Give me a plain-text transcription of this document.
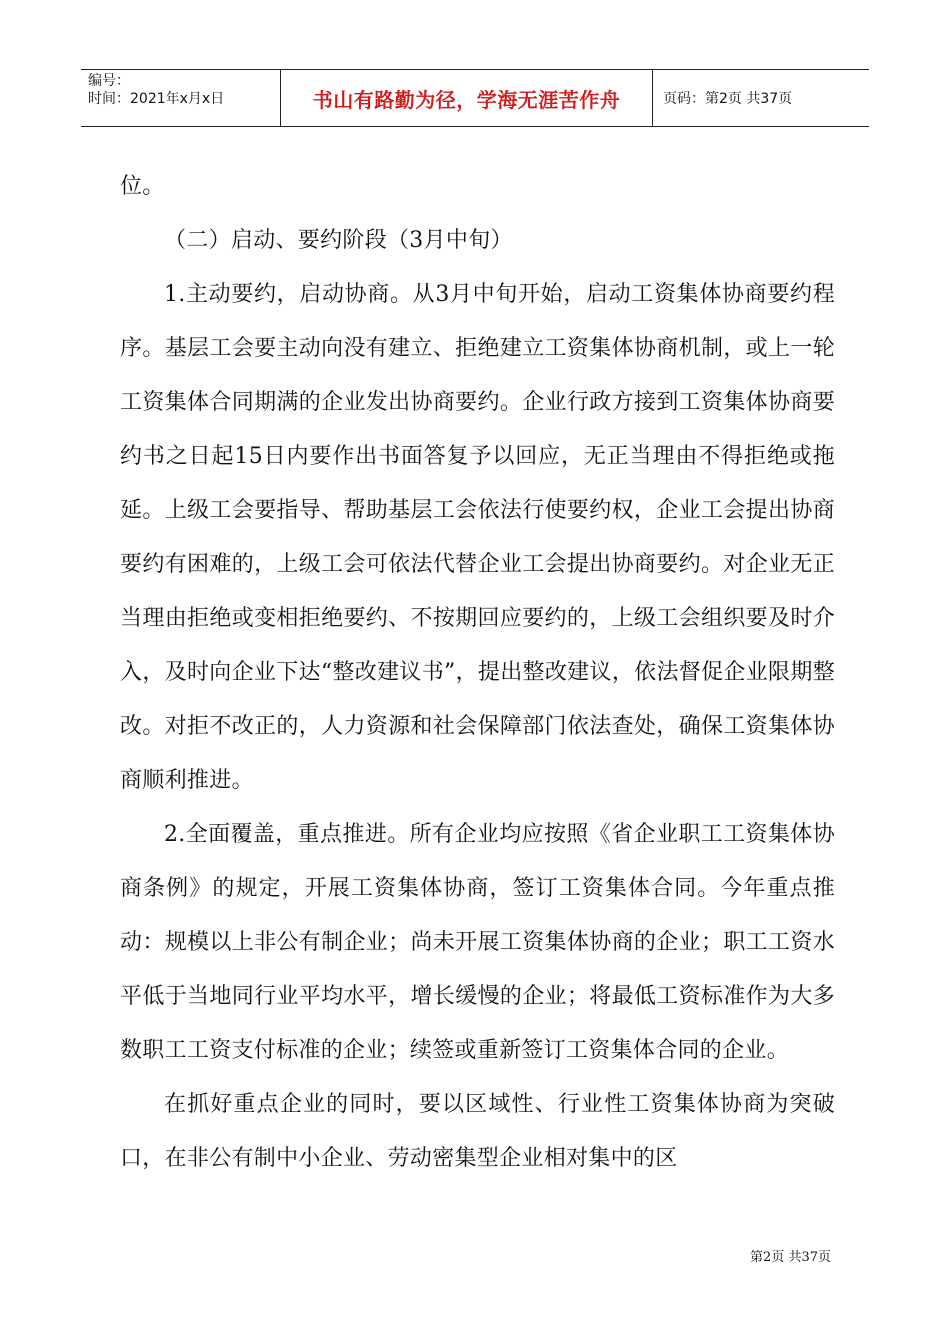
编号：
时间：2021年x月x日	书山有路勤为径，学海无涯苦作舟	页码：第2页 共37页

位。

（二）启动、要约阶段（3月中旬）

1.主动要约，启动协商。从3月中旬开始，启动工资集体协商要约程序。基层工会要主动向没有建立、拒绝建立工资集体协商机制，或上一轮工资集体合同期满的企业发出协商要约。企业行政方接到工资集体协商要约书之日起15日内要作出书面答复予以回应，无正当理由不得拒绝或拖延。上级工会要指导、帮助基层工会依法行使要约权，企业工会提出协商要约有困难的，上级工会可依法代替企业工会提出协商要约。对企业无正当理由拒绝或变相拒绝要约、不按期回应要约的，上级工会组织要及时介入，及时向企业下达“整改建议书”，提出整改建议，依法督促企业限期整改。对拒不改正的，人力资源和社会保障部门依法查处，确保工资集体协商顺利推进。

2.全面覆盖，重点推进。所有企业均应按照《省企业职工工资集体协商条例》的规定，开展工资集体协商，签订工资集体合同。今年重点推动：规模以上非公有制企业；尚未开展工资集体协商的企业；职工工资水平低于当地同行业平均水平，增长缓慢的企业；将最低工资标准作为大多数职工工资支付标准的企业；续签或重新签订工资集体合同的企业。

在抓好重点企业的同时，要以区域性、行业性工资集体协商为突破口，在非公有制中小企业、劳动密集型企业相对集中的区

第2页 共37页
